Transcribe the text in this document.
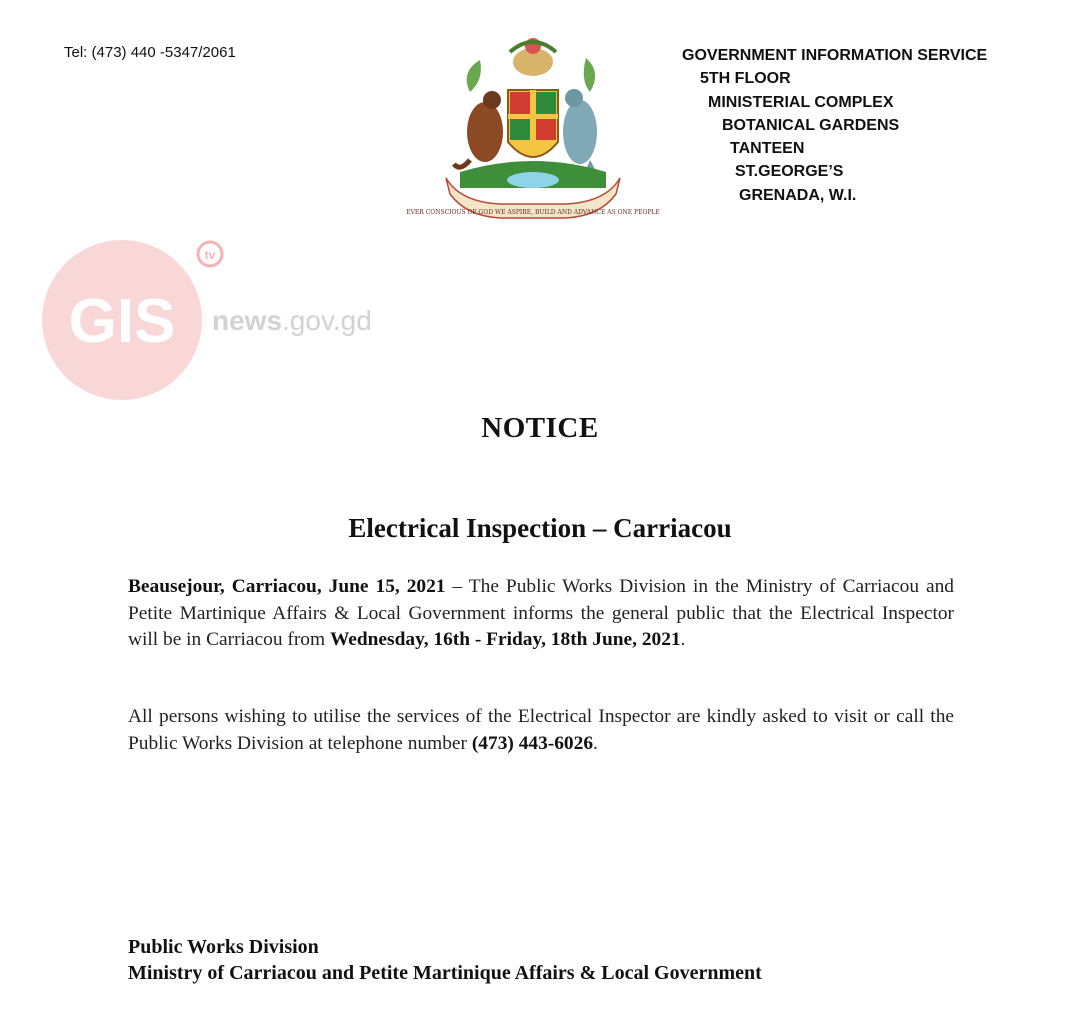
Tel: (473) 440 -5347/2061
EVER CONSCIOUS OF GOD WE ASPIRE, BUILD AND ADVANCE AS ONE PEOPLE
GOVERNMENT INFORMATION SERVICE
5TH FLOOR
MINISTERIAL COMPLEX
BOTANICAL GARDENS
TANTEEN
ST.GEORGE’S
GRENADA, W.I.
GIS
tv
news.gov.gd
NOTICE
Electrical Inspection – Carriacou
Beausejour, Carriacou, June 15, 2021 – The Public Works Division in the Ministry of Carriacou and Petite Martinique Affairs & Local Government informs the general public that the Electrical Inspector will be in Carriacou from Wednesday, 16th - Friday, 18th June, 2021.
All persons wishing to utilise the services of the Electrical Inspector are kindly asked to visit or call the Public Works Division at telephone number (473) 443-6026.
Public Works Division
Ministry of Carriacou and Petite Martinique Affairs & Local Government
